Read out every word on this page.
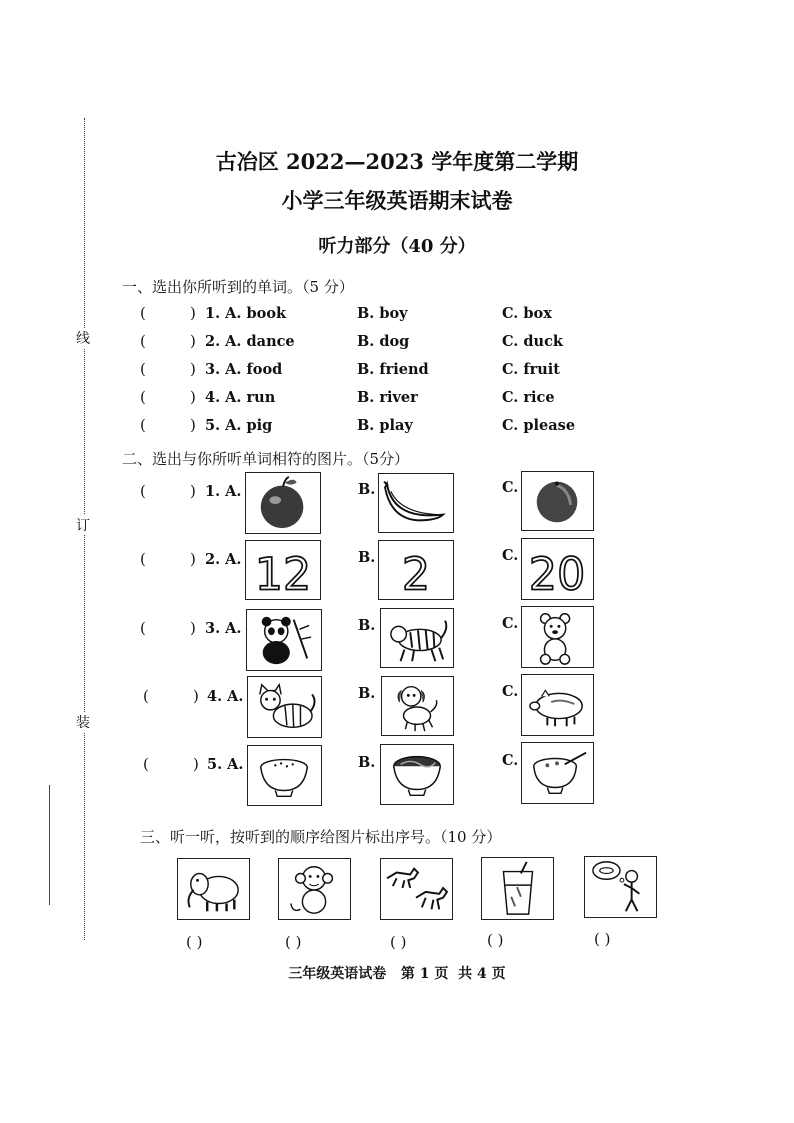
线
订
装
古冶区 2022—2023 学年度第二学期
小学三年级英语期末试卷
听力部分（40 分）
一、选出你所听到的单词。（5 分）
(	) 1. A. book	B. boy	C. box
(	) 2. A. dance	B. dog	C. duck
(	) 3. A. food	B. friend	C. fruit
(	) 4. A. run	B. river	C. rice
(	) 5. A. pig	B. play	C. please
二、选出与你所听单词相符的图片。（5分）
(	) 1. A.	B.	C.
(	) 2. A. 12	B. 2	C. 20
(	) 3. A.	B.	C.
(	) 4. A.	B.	C.
(	) 5. A.	B.	C.
三、听一听，按听到的顺序给图片标出序号。（10 分）
( )	( )	( )	( )	( )
三年级英语试卷   第 1 页  共 4 页
